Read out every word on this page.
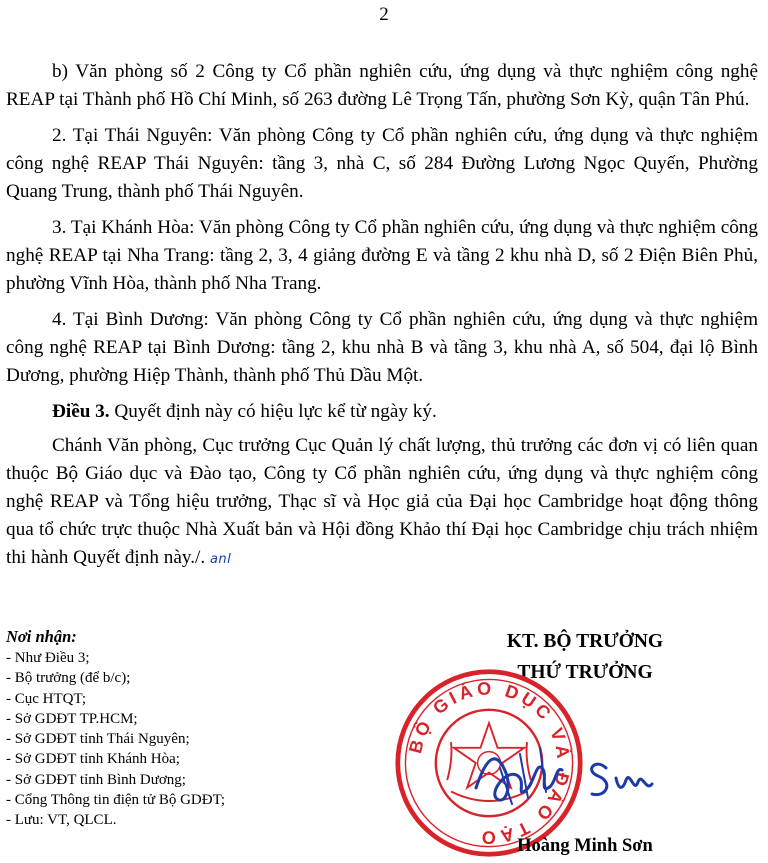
2

b) Văn phòng số 2 Công ty Cổ phần nghiên cứu, ứng dụng và thực nghiệm công nghệ REAP tại Thành phố Hồ Chí Minh, số 263 đường Lê Trọng Tấn, phường Sơn Kỳ, quận Tân Phú.

2. Tại Thái Nguyên: Văn phòng Công ty Cổ phần nghiên cứu, ứng dụng và thực nghiệm công nghệ REAP Thái Nguyên: tầng 3, nhà C, số 284 Đường Lương Ngọc Quyến, Phường Quang Trung, thành phố Thái Nguyên.

3. Tại Khánh Hòa: Văn phòng Công ty Cổ phần nghiên cứu, ứng dụng và thực nghiệm công nghệ REAP tại Nha Trang: tầng 2, 3, 4 giảng đường E và tầng 2 khu nhà D, số 2 Điện Biên Phủ, phường Vĩnh Hòa, thành phố Nha Trang.

4. Tại Bình Dương: Văn phòng Công ty Cổ phần nghiên cứu, ứng dụng và thực nghiệm công nghệ REAP tại Bình Dương: tầng 2, khu nhà B và tầng 3, khu nhà A, số 504, đại lộ Bình Dương, phường Hiệp Thành, thành phố Thủ Dầu Một.

Điều 3. Quyết định này có hiệu lực kể từ ngày ký.

Chánh Văn phòng, Cục trưởng Cục Quản lý chất lượng, thủ trưởng các đơn vị có liên quan thuộc Bộ Giáo dục và Đào tạo, Công ty Cổ phần nghiên cứu, ứng dụng và thực nghiệm công nghệ REAP và Tổng hiệu trưởng, Thạc sĩ và Học giả của Đại học Cambridge hoạt động thông qua tổ chức trực thuộc Nhà Xuất bản và Hội đồng Khảo thí Đại học Cambridge chịu trách nhiệm thi hành Quyết định này./. anl

Nơi nhận:
- Như Điều 3;
- Bộ trưởng (để b/c);
- Cục HTQT;
- Sở GDĐT TP.HCM;
- Sở GDĐT tỉnh Thái Nguyên;
- Sở GDĐT tỉnh Khánh Hòa;
- Sở GDĐT tỉnh Bình Dương;
- Cổng Thông tin điện tử Bộ GDĐT;
- Lưu: VT, QLCL.
KT. BỘ TRƯỞNG
THỨ TRƯỞNG
BỘ GIÁO DỤC VÀ ĐÀO TẠO	Hoàng Minh Sơn
